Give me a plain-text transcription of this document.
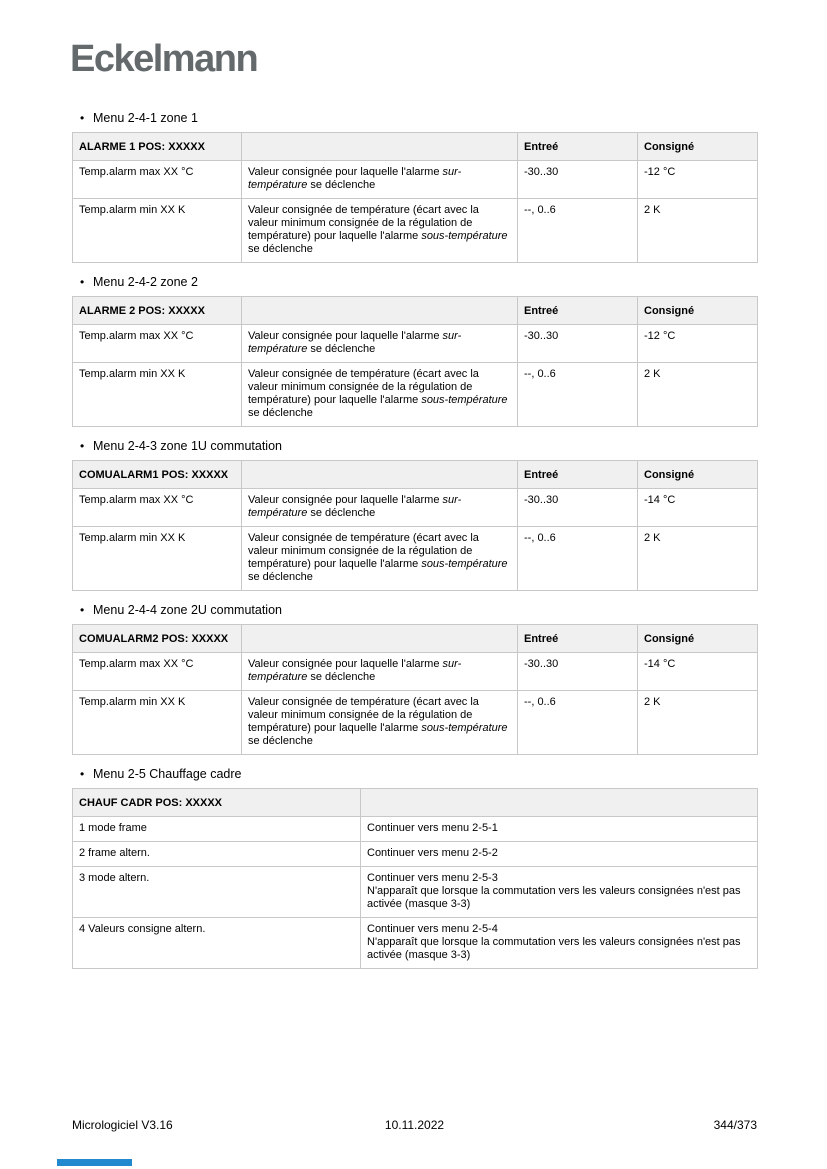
Eckelmann
• Menu 2-4-1 zone 1
ALARME 1 POS: XXXXX		Entreé	Consigné
Temp.alarm max XX °C	Valeur consignée pour laquelle l'alarme sur-température se déclenche	-30..30	-12 °C
Temp.alarm min XX K	Valeur consignée de température (écart avec la valeur minimum consignée de la régulation de température) pour laquelle l'alarme sous-température se déclenche	--, 0..6	2 K
• Menu 2-4-2 zone 2
ALARME 2 POS: XXXXX		Entreé	Consigné
Temp.alarm max XX °C	Valeur consignée pour laquelle l'alarme sur-température se déclenche	-30..30	-12 °C
Temp.alarm min XX K	Valeur consignée de température (écart avec la valeur minimum consignée de la régulation de température) pour laquelle l'alarme sous-température se déclenche	--, 0..6	2 K
• Menu 2-4-3 zone 1U commutation
COMUALARM1 POS: XXXXX		Entreé	Consigné
Temp.alarm max XX °C	Valeur consignée pour laquelle l'alarme sur-température se déclenche	-30..30	-14 °C
Temp.alarm min XX K	Valeur consignée de température (écart avec la valeur minimum consignée de la régulation de température) pour laquelle l'alarme sous-température se déclenche	--, 0..6	2 K
• Menu 2-4-4 zone 2U commutation
COMUALARM2 POS: XXXXX		Entreé	Consigné
Temp.alarm max XX °C	Valeur consignée pour laquelle l'alarme sur-température se déclenche	-30..30	-14 °C
Temp.alarm min XX K	Valeur consignée de température (écart avec la valeur minimum consignée de la régulation de température) pour laquelle l'alarme sous-température se déclenche	--, 0..6	2 K
• Menu 2-5 Chauffage cadre
CHAUF CADR POS: XXXXX	
1 mode frame	Continuer vers menu 2-5-1

2 frame altern.	Continuer vers menu 2-5-2

3 mode altern.	Continuer vers menu 2-5-3
N'apparaît que lorsque la commutation vers les valeurs consignées n'est pas activée (masque 3-3)

4 Valeurs consigne altern.	Continuer vers menu 2-5-4
N'apparaît que lorsque la commutation vers les valeurs consignées n'est pas activée (masque 3-3)
Micrologiciel V3.16	10.11.2022	344/373
